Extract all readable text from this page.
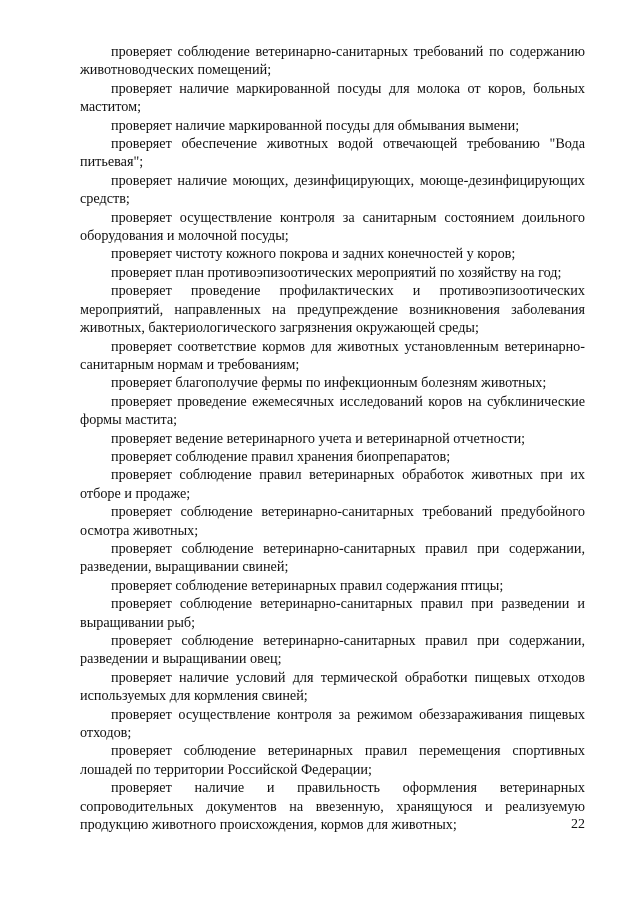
проверяет соблюдение ветеринарно-санитарных требований по содержанию животноводческих помещений;

проверяет наличие маркированной посуды для молока от коров, больных маститом;

проверяет наличие маркированной посуды для обмывания вымени;

проверяет обеспечение животных водой отвечающей требованию "Вода питьевая";

проверяет наличие моющих, дезинфицирующих, моюще-дезинфицирующих средств;

проверяет осуществление контроля за санитарным состоянием доильного оборудования и молочной посуды;

проверяет чистоту кожного покрова и задних конечностей у коров;

проверяет план противоэпизоотических мероприятий по хозяйству на год;

проверяет проведение профилактических и противоэпизоотических мероприятий, направленных на предупреждение возникновения заболевания животных, бактериологического загрязнения окружающей среды;

проверяет соответствие кормов для животных установленным ветеринарно-санитарным нормам и требованиям;

проверяет благополучие фермы по инфекционным болезням животных;

проверяет проведение ежемесячных исследований коров на субклинические формы мастита;

проверяет ведение ветеринарного учета и ветеринарной отчетности;

проверяет соблюдение правил хранения биопрепаратов;

проверяет соблюдение правил ветеринарных обработок животных при их отборе и продаже;

проверяет соблюдение ветеринарно-санитарных требований предубойного осмотра животных;

проверяет соблюдение ветеринарно-санитарных правил при содержании, разведении, выращивании свиней;

проверяет соблюдение ветеринарных правил содержания птицы;

проверяет соблюдение ветеринарно-санитарных правил при разведении и выращивании рыб;

проверяет соблюдение ветеринарно-санитарных правил при содержании, разведении и выращивании овец;

проверяет наличие условий для термической обработки пищевых отходов используемых для кормления свиней;

проверяет осуществление контроля за режимом обеззараживания пищевых отходов;

проверяет соблюдение ветеринарных правил перемещения спортивных лошадей по территории Российской Федерации;

проверяет наличие и правильность оформления ветеринарных сопроводительных документов на ввезенную, хранящуюся и реализуемую продукцию животного происхождения, кормов для животных;	22
